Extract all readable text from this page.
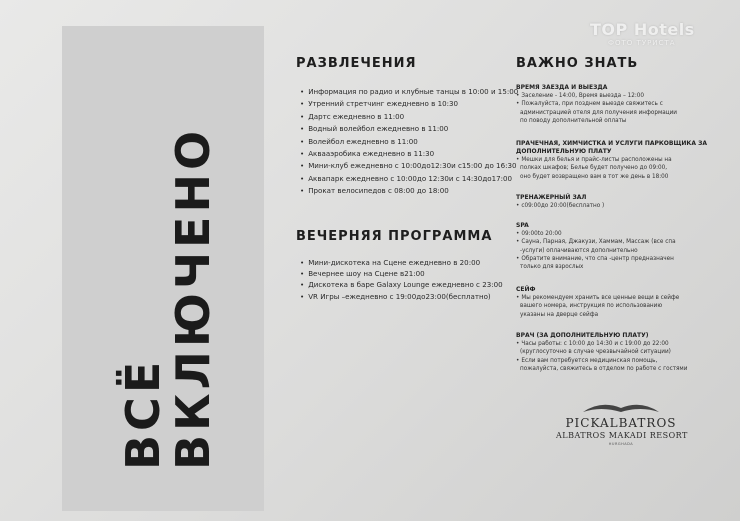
ВСЁ
ВКЛЮЧЕНО
РАЗВЛЕЧЕНИЯ
• Информация по радио и клубные танцы в 10:00 и 15:00
• Утренний стретчинг ежедневно в 10:30
• Дартс ежедневно в 11:00
• Водный волейбол ежедневно в 11:00
• Волейбол ежедневно в 11:00
• Аквааэробика ежедневно в 11:30
• Мини-клуб ежедневно с 10:00до12:30и с15:00 до 16:30
• Аквапарк ежедневно с 10:00до 12:30и с 14:30до17:00
• Прокат велосипедов с 08:00 до 18:00
ВЕЧЕРНЯЯ ПРОГРАММА
• Мини-дискотека на Сцене ежедневно в 20:00
• Вечернее шоу на Сцене в21:00
• Дискотека в баре Galaxy Lounge ежедневно с 23:00
• VR Игры –ежедневно с 19:00до23:00(бесплатно)
ВАЖНО ЗНАТЬ
ВРЕМЯ ЗАЕЗДА И ВЫЕЗДА
• Заселение - 14:00, Время выезда – 12:00
• Пожалуйста, при позднем выезде свяжитесь с
администрацией отеля для получения информации
по поводу дополнительной оплаты
ПРАЧЕЧНАЯ, ХИМЧИСТКА И УСЛУГИ ПАРКОВЩИКА ЗА
ДОПОЛНИТЕЛЬНУЮ ПЛАТУ
• Мешки для белья и прайс-листы расположены на
полках шкафов; Белье будет получено до 09:00,
оно будет возвращено вам в тот же день в 18:00
ТРЕНАЖЕРНЫЙ ЗАЛ
• с09:00до 20:00(бесплатно )
SPA
• 09:00to 20:00
• Сауна, Парная, Джакузи, Хаммам, Массаж (все спа
-услуги) оплачиваются дополнительно
• Обратите внимание, что спа -центр предназначен
только для взрослых
СЕЙФ
• Мы рекомендуем хранить все ценные вещи в сейфе
вашего номера, инструкция по использованию
указаны на дверце сейфа
ВРАЧ (ЗА ДОПОЛНИТЕЛЬНУЮ ПЛАТУ)
• Часы работы: с 10:00 до 14:30 и с 19:00 до 22:00
(круглосуточно в случае чрезвычайной ситуации)
• Если вам потребуется медицинская помощь,
пожалуйста, свяжитесь в отделом по работе с гостями
PICKALBATROS
ALBATROS MAKADI RESORT
HURGHADA
TOP Hotels
ФОТО ТУРИСТА
